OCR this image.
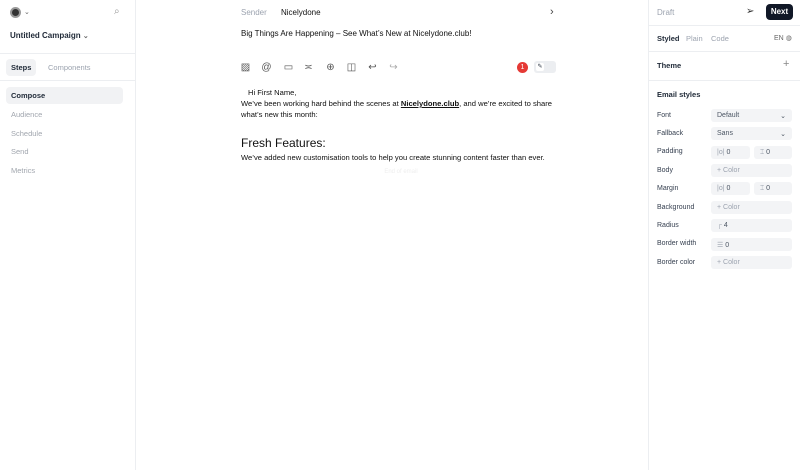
⌄	⌕
Untitled Campaign ⌄
Steps	Components
Compose
Audience
Schedule
Send
Metrics
Sender Nicelydone	›
Big Things Are Happening – See What’s New at Nicelydone.club!
▨ @ ▭ ≍ ⊕ ◫ ↩ ↪	1	✎

Hi First Name,

We’ve been working hard behind the scenes at Nicelydone.club, and we’re excited to share what’s new this month:

Fresh Features:

We’ve added new customisation tools to help you create stunning content faster than ever.

End of email
Draft	➢	Next
Styled Plain Code	EN ◍
Theme	+
Email styles
Font	Default	⌄
Fallback	Sans	⌄
Padding	|o| 0	⌶ 0
Body	+ Color
Margin	|o| 0	⌶ 0
Background	+ Color
Radius	┌ 4
Border width	☰ 0
Border color	+ Color
